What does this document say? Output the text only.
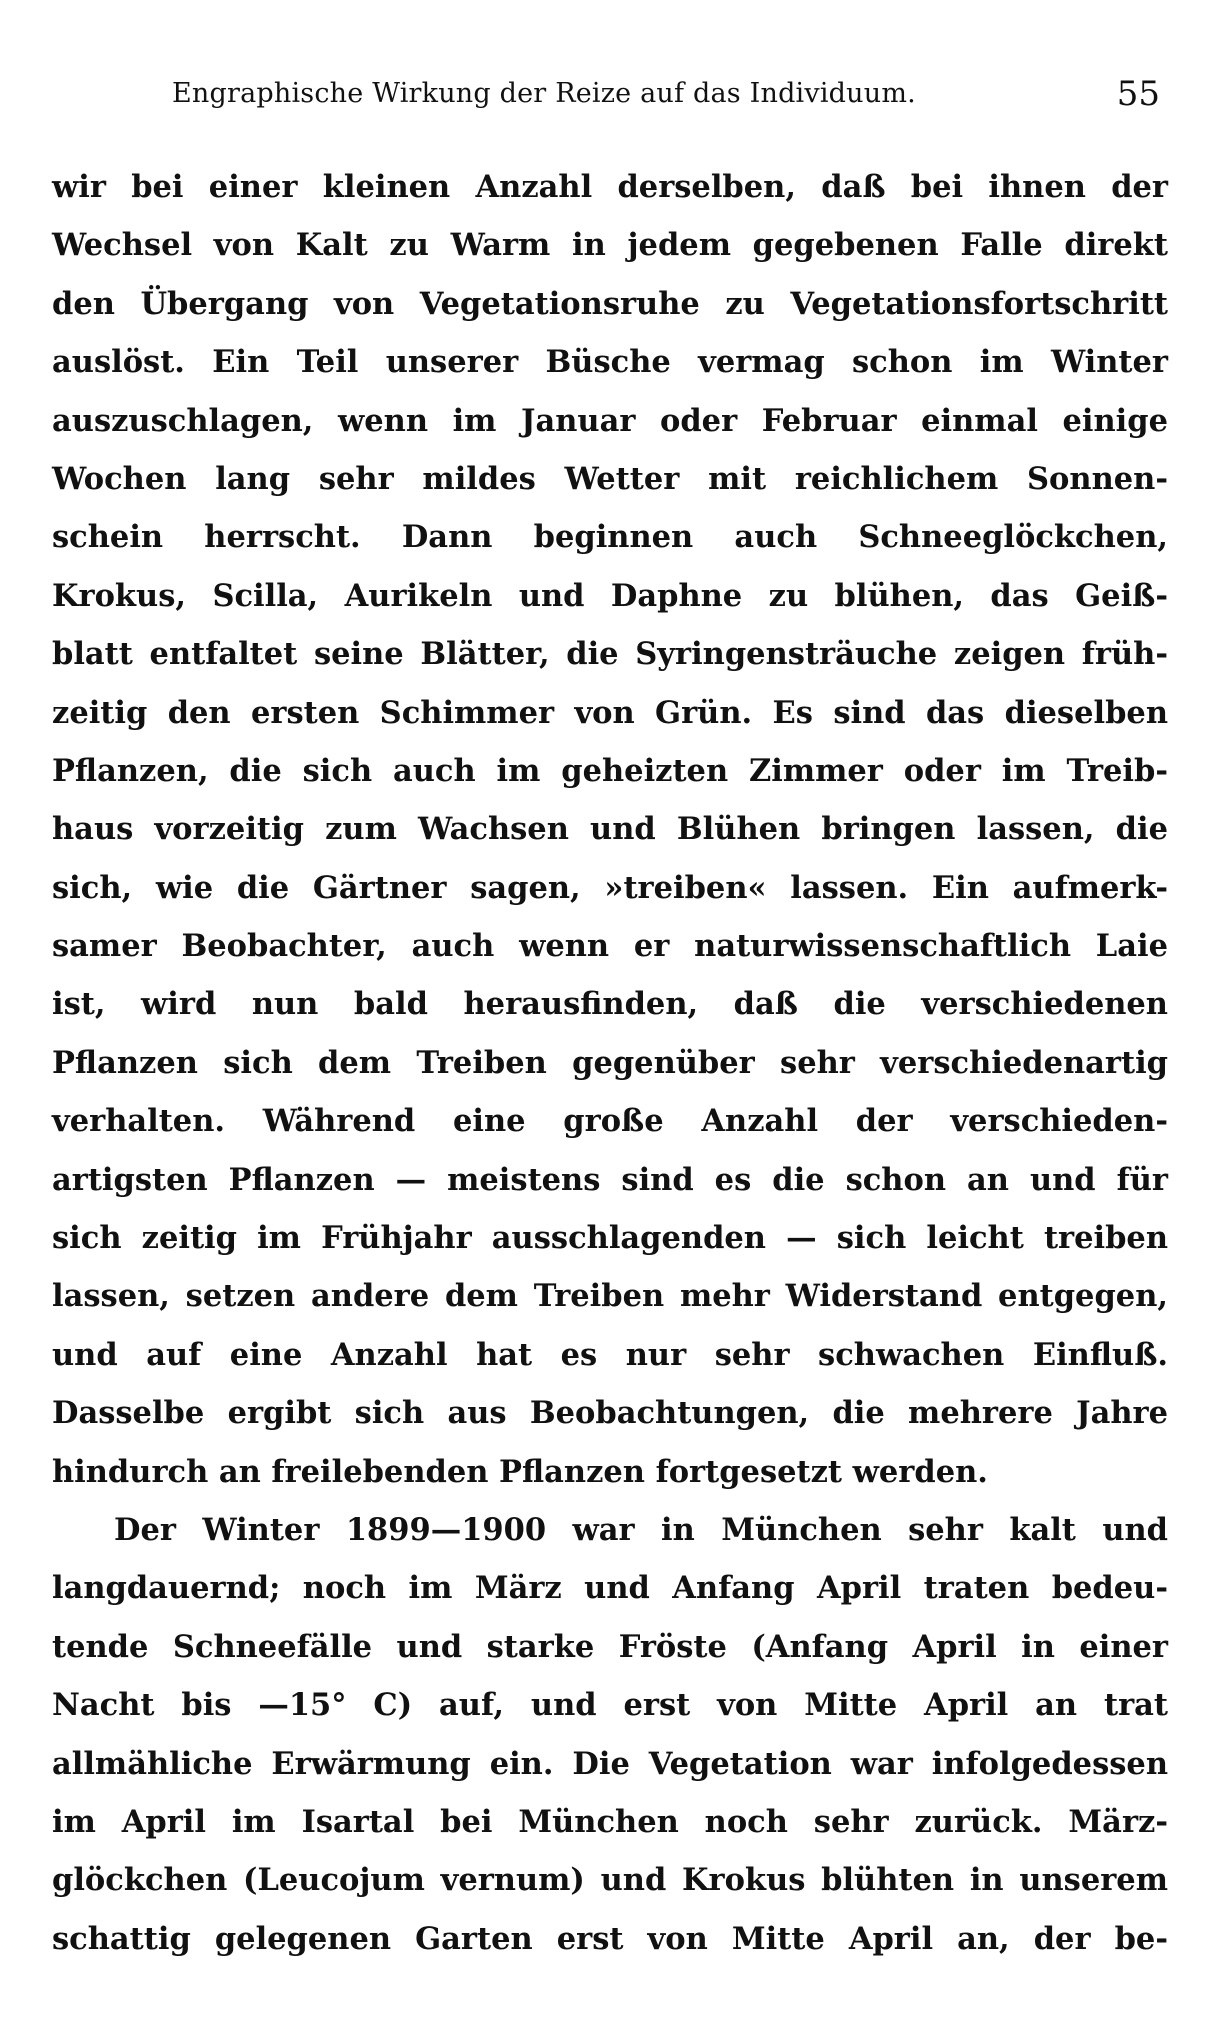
Engraphische Wirkung der Reize auf das Individuum.	55
wir bei einer kleinen Anzahl derselben, daß bei ihnen der
Wechsel von Kalt zu Warm in jedem gegebenen Falle direkt
den Übergang von Vegetationsruhe zu Vegetationsfortschritt
auslöst. Ein Teil unserer Büsche vermag schon im Winter
auszuschlagen, wenn im Januar oder Februar einmal einige
Wochen lang sehr mildes Wetter mit reichlichem Sonnen-
schein herrscht. Dann beginnen auch Schneeglöckchen,
Krokus, Scilla, Aurikeln und Daphne zu blühen, das Geiß-
blatt entfaltet seine Blätter, die Syringensträuche zeigen früh-
zeitig den ersten Schimmer von Grün. Es sind das dieselben
Pflanzen, die sich auch im geheizten Zimmer oder im Treib-
haus vorzeitig zum Wachsen und Blühen bringen lassen, die
sich, wie die Gärtner sagen, »treiben« lassen. Ein aufmerk-
samer Beobachter, auch wenn er naturwissenschaftlich Laie
ist, wird nun bald herausfinden, daß die verschiedenen
Pflanzen sich dem Treiben gegenüber sehr verschiedenartig
verhalten. Während eine große Anzahl der verschieden-
artigsten Pflanzen — meistens sind es die schon an und für
sich zeitig im Frühjahr ausschlagenden — sich leicht treiben
lassen, setzen andere dem Treiben mehr Widerstand entgegen,
und auf eine Anzahl hat es nur sehr schwachen Einfluß.
Dasselbe ergibt sich aus Beobachtungen, die mehrere Jahre
hindurch an freilebenden Pflanzen fortgesetzt werden.
Der Winter 1899—1900 war in München sehr kalt und
langdauernd; noch im März und Anfang April traten bedeu-
tende Schneefälle und starke Fröste (Anfang April in einer
Nacht bis —15° C) auf, und erst von Mitte April an trat
allmähliche Erwärmung ein. Die Vegetation war infolgedessen
im April im Isartal bei München noch sehr zurück. März-
glöckchen (Leucojum vernum) und Krokus blühten in unserem
schattig gelegenen Garten erst von Mitte April an, der be-
